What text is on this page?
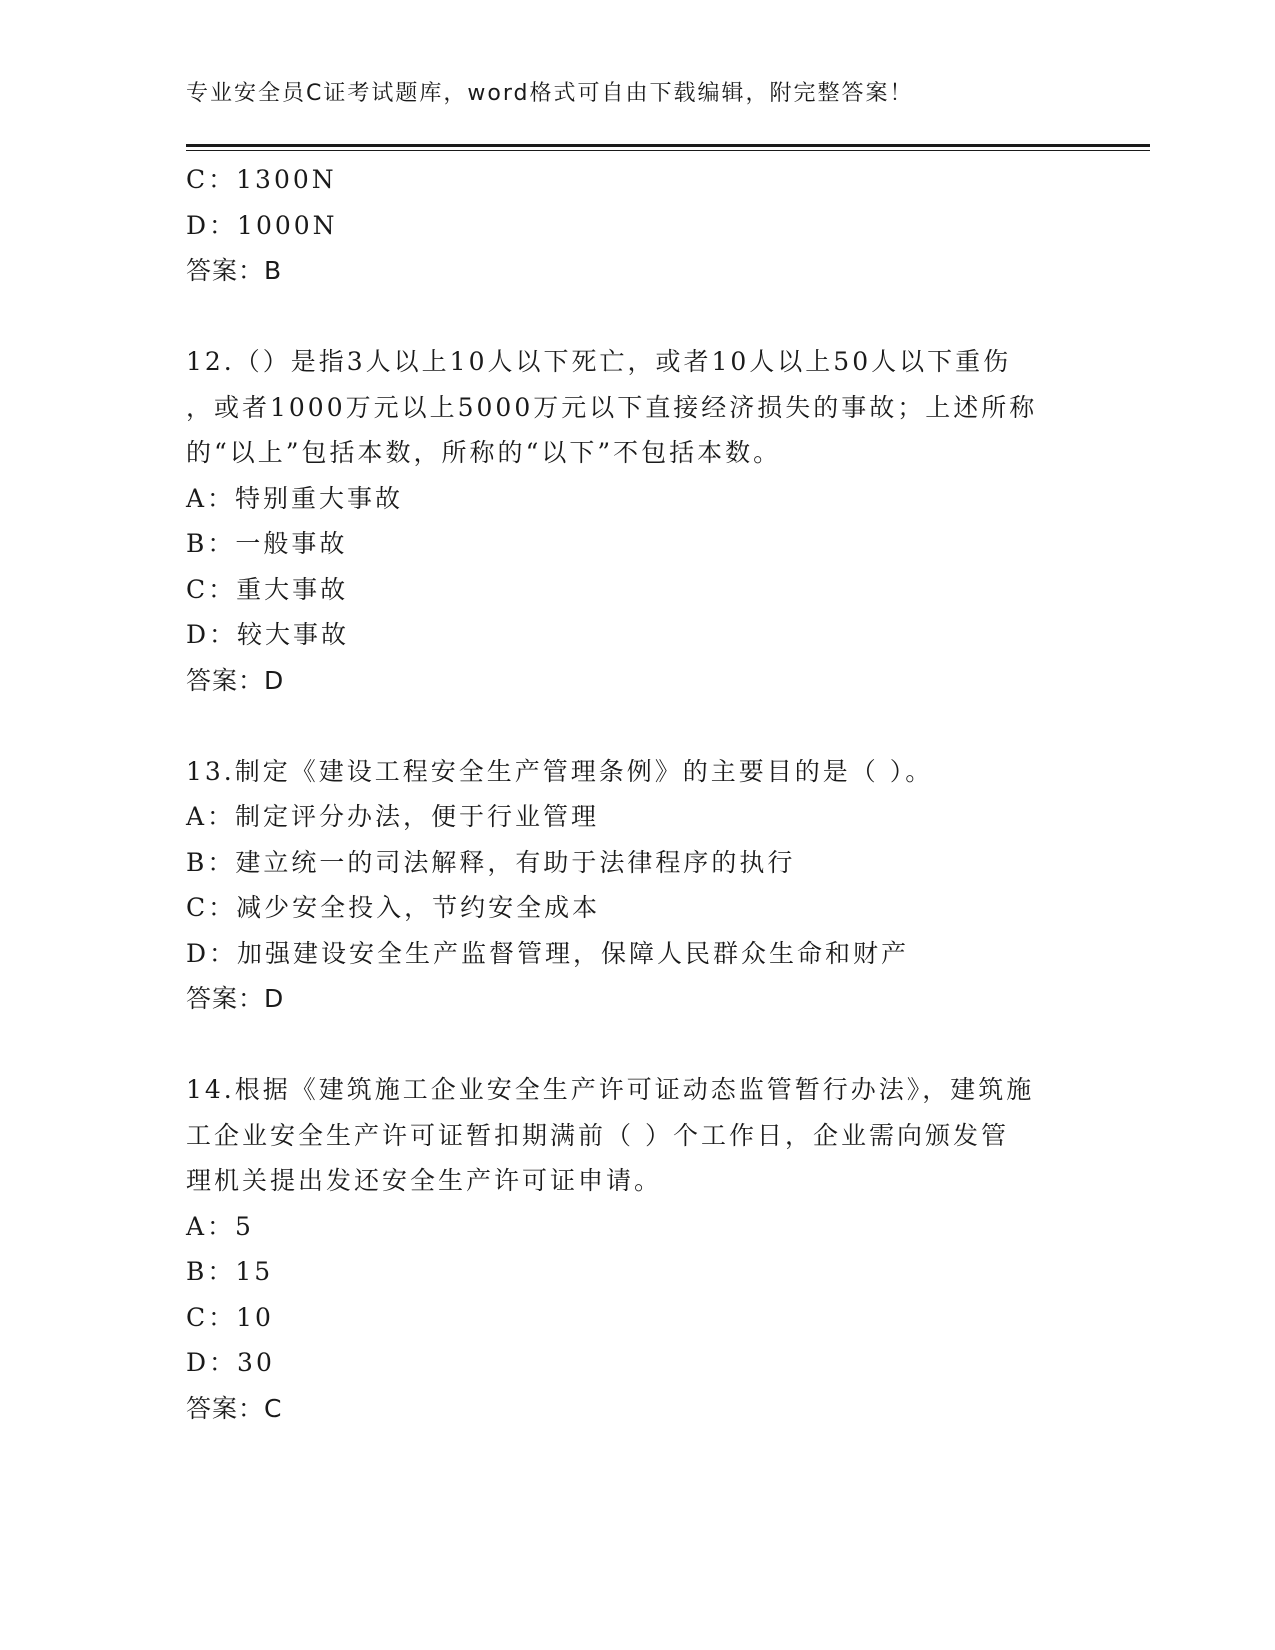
专业安全员C证考试题库，word格式可自由下载编辑，附完整答案！
C：1300N
D：1000N
答案：B
12.（）是指3人以上10人以下死亡，或者10人以上50人以下重伤
，或者1000万元以上5000万元以下直接经济损失的事故；上述所称
的“以上”包括本数，所称的“以下”不包括本数。
A：特别重大事故
B：一般事故
C：重大事故
D：较大事故
答案：D
13.制定《建设工程安全生产管理条例》的主要目的是（ ）。
A：制定评分办法，便于行业管理
B：建立统一的司法解释，有助于法律程序的执行
C：减少安全投入，节约安全成本
D：加强建设安全生产监督管理，保障人民群众生命和财产
答案：D
14.根据《建筑施工企业安全生产许可证动态监管暂行办法》，建筑施
工企业安全生产许可证暂扣期满前（ ）个工作日，企业需向颁发管
理机关提出发还安全生产许可证申请。
A：5
B：15
C：10
D：30
答案：C
